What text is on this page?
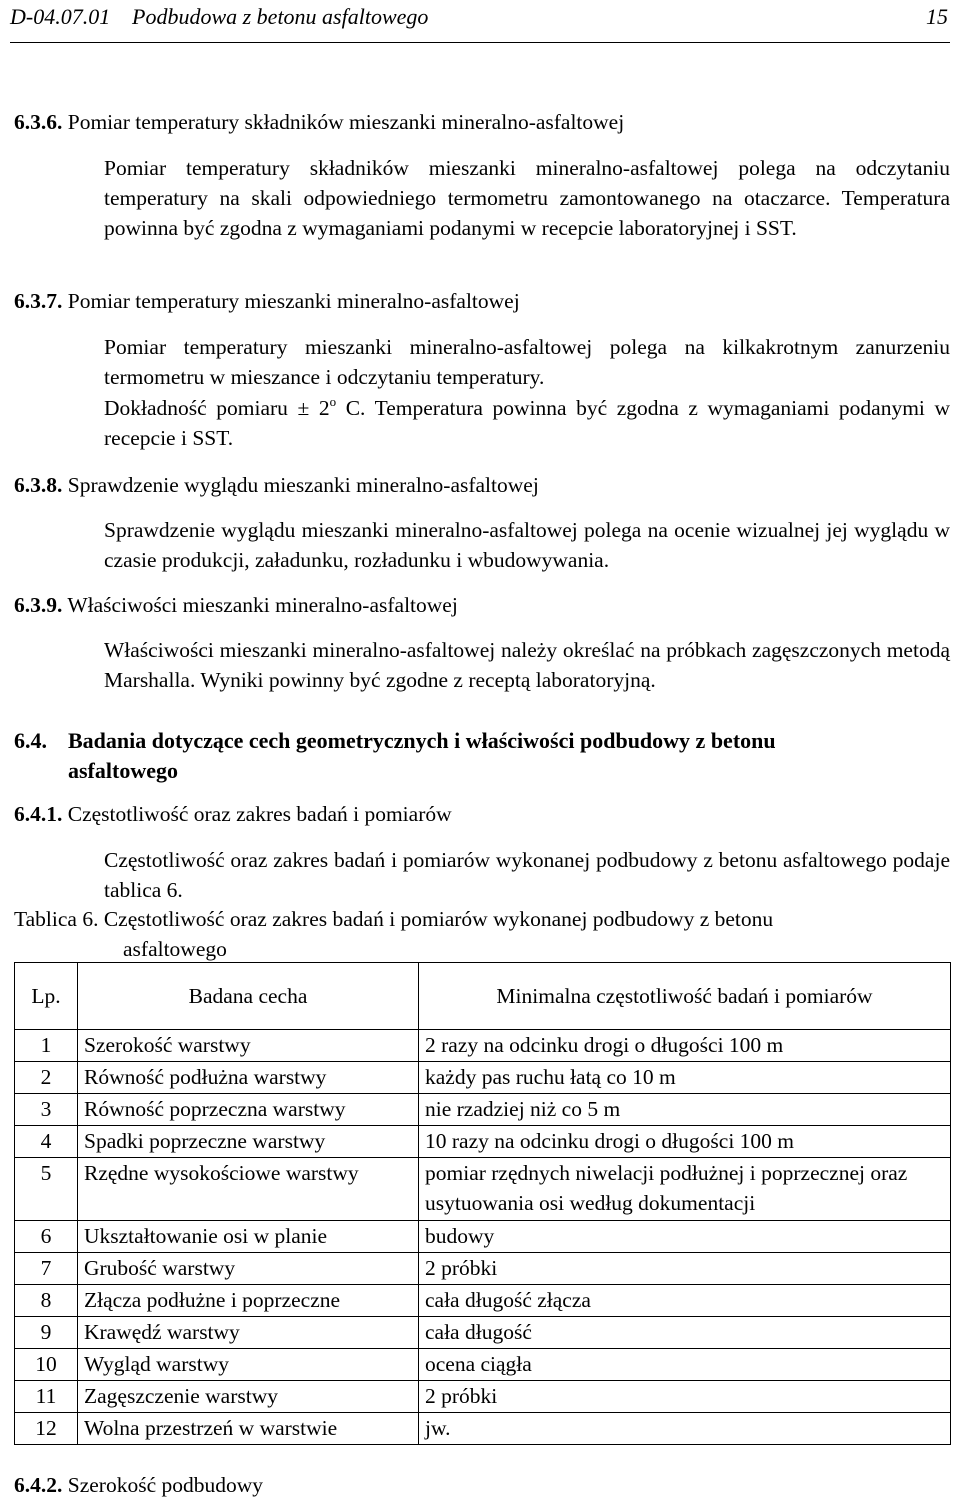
D-04.07.01 Podbudowa z betonu asfaltowego	15
6.3.6. Pomiar temperatury składników mieszanki mineralno-asfaltowej
Pomiar temperatury składników mieszanki mineralno-asfaltowej polega na odczytaniu temperatury na skali odpowiedniego termometru zamontowanego na otaczarce. Temperatura powinna być zgodna z wymaganiami podanymi w recepcie laboratoryjnej i SST.
6.3.7. Pomiar temperatury mieszanki mineralno-asfaltowej
Pomiar temperatury mieszanki mineralno-asfaltowej polega na kilkakrotnym zanurzeniu termometru w mieszance i odczytaniu temperatury.
Dokładność pomiaru ± $2^o$ C. Temperatura powinna być zgodna z wymaganiami podanymi w recepcie i SST.
6.3.8. Sprawdzenie wyglądu mieszanki mineralno-asfaltowej
Sprawdzenie wyglądu mieszanki mineralno-asfaltowej polega na ocenie wizualnej jej wyglądu w czasie produkcji, załadunku, rozładunku i wbudowywania.
6.3.9. Właściwości mieszanki mineralno-asfaltowej
Właściwości mieszanki mineralno-asfaltowej należy określać na próbkach zagęszczonych metodą Marshalla. Wyniki powinny być zgodne z receptą laboratoryjną.
6.4. Badania dotyczące cech geometrycznych i właściwości podbudowy z betonu
asfaltowego
6.4.1. Częstotliwość oraz zakres badań i pomiarów
Częstotliwość oraz zakres badań i pomiarów wykonanej podbudowy z betonu asfaltowego podaje tablica 6.
Tablica 6. Częstotliwość oraz zakres badań i pomiarów wykonanej podbudowy z betonu
asfaltowego
Lp.	Badana cecha	Minimalna częstotliwość badań i pomiarów
1	Szerokość warstwy	2 razy na odcinku drogi o długości 100 m
2	Równość podłużna warstwy	każdy pas ruchu łatą co 10 m
3	Równość poprzeczna warstwy	nie rzadziej niż co 5 m
4	Spadki poprzeczne warstwy	10 razy na odcinku drogi o długości 100 m
5	Rzędne wysokościowe warstwy	pomiar rzędnych niwelacji podłużnej i poprzecznej oraz usytuowania osi według dokumentacji
6	Ukształtowanie osi w planie	budowy
7	Grubość warstwy	2 próbki
8	Złącza podłużne i poprzeczne	cała długość złącza
9	Krawędź warstwy	cała długość
10	Wygląd warstwy	ocena ciągła
11	Zagęszczenie warstwy	2 próbki
12	Wolna przestrzeń w warstwie	jw.
6.4.2. Szerokość podbudowy
